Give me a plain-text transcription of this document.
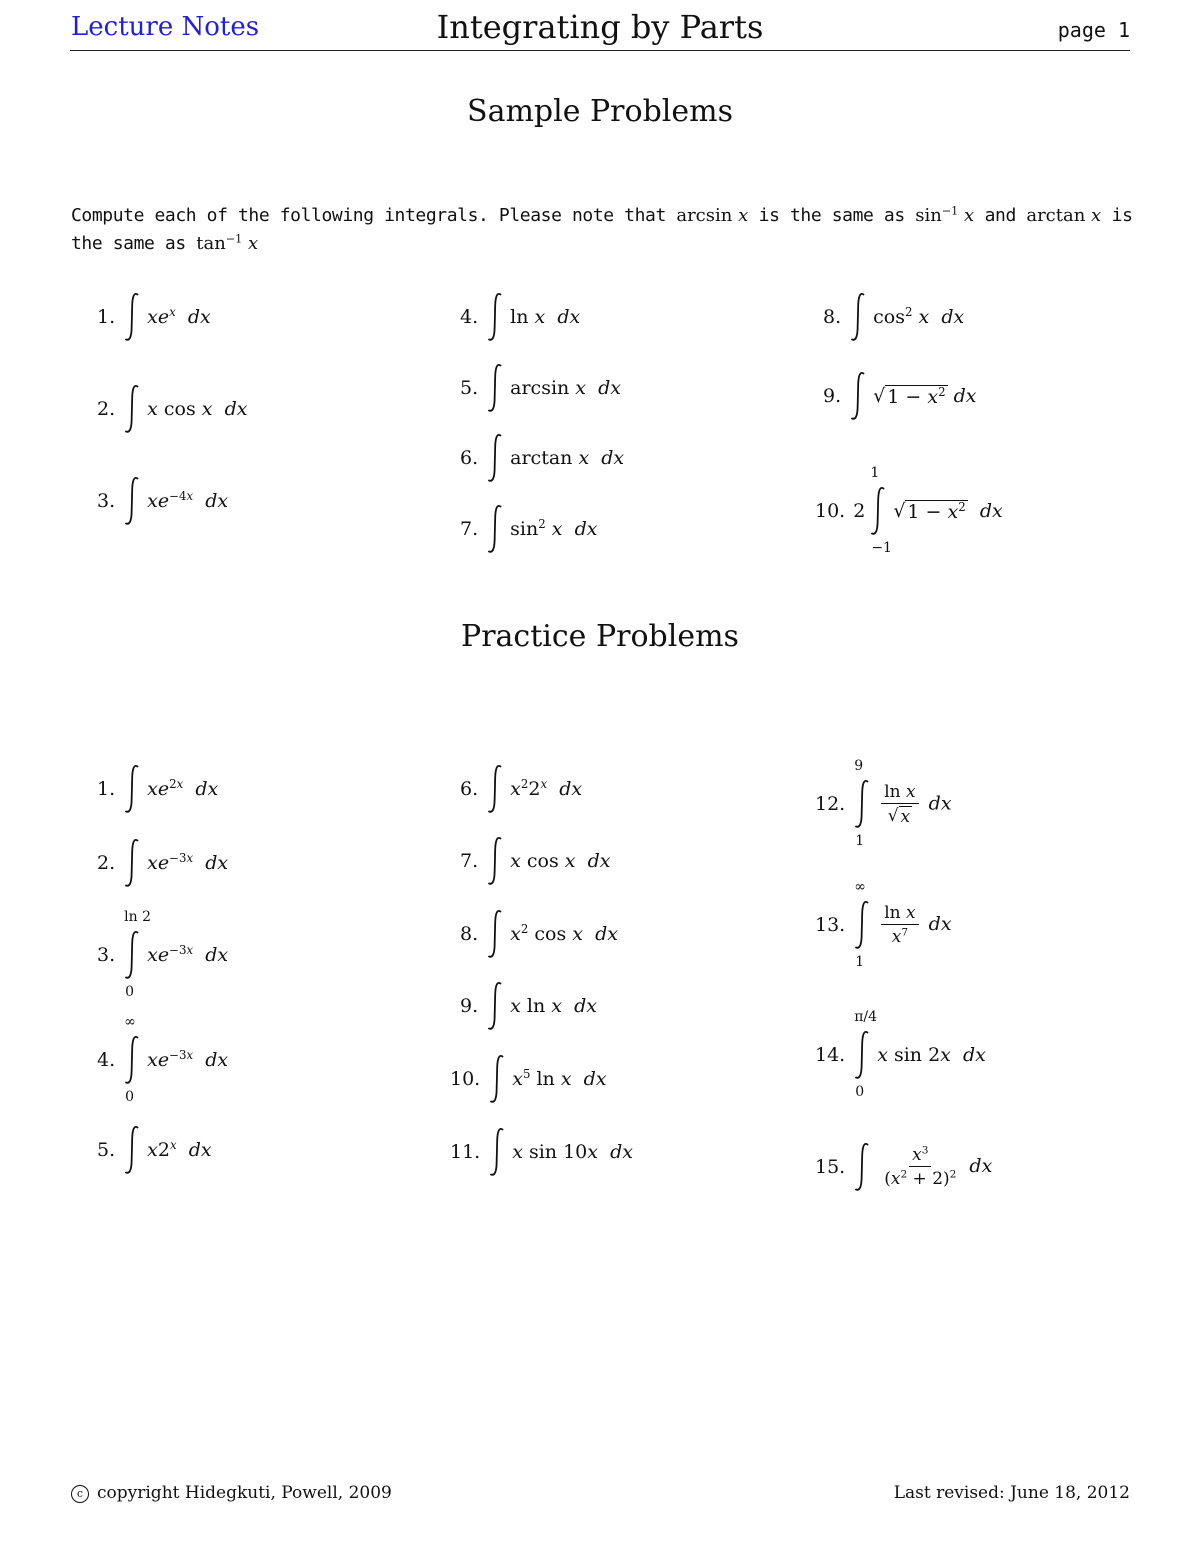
Lecture Notes	Integrating by Parts	page 1
Sample Problems
Compute each of the following integrals. Please note that arcsin x is the same as $\sin^{-1} x$ and arctan x is the same as $\tan^{-1} x$
1. $xe^x$ dx
2. x cos x dx
3. $xe^{-4x}$ dx
4. ln x dx
5. arcsin x dx
6. arctan x dx
7. $\sin^2 x$ dx
8. $\cos^2 x$ dx
9. √ $1 - x^2$ dx
10. 2
1
−1
√ $1 - x^2$ dx
Practice Problems
1. $xe^{2x}$ dx
2. $xe^{-3x}$ dx
3.
ln 2
0
$xe^{-3x}$ dx
4.
∞
0
$xe^{-3x}$ dx
5. x2$^x$ dx
6. $x^22^x$ dx
7. x cos x dx
8. $x^2$ cos x dx
9. x ln x dx
10. $x^5$ ln x dx
11. x sin 10x dx
12.
9
1
$\frac{\text{ln x}}{√ x}$ dx
13.
∞
1
$\frac{\text{ln x}}{x^7}$ dx
14.
π/4
0
x sin 2x dx
15. $\frac{x^3}{(x^2 + 2)^2}$ dx
c copyright Hidegkuti, Powell, 2009	Last revised: June 18, 2012
